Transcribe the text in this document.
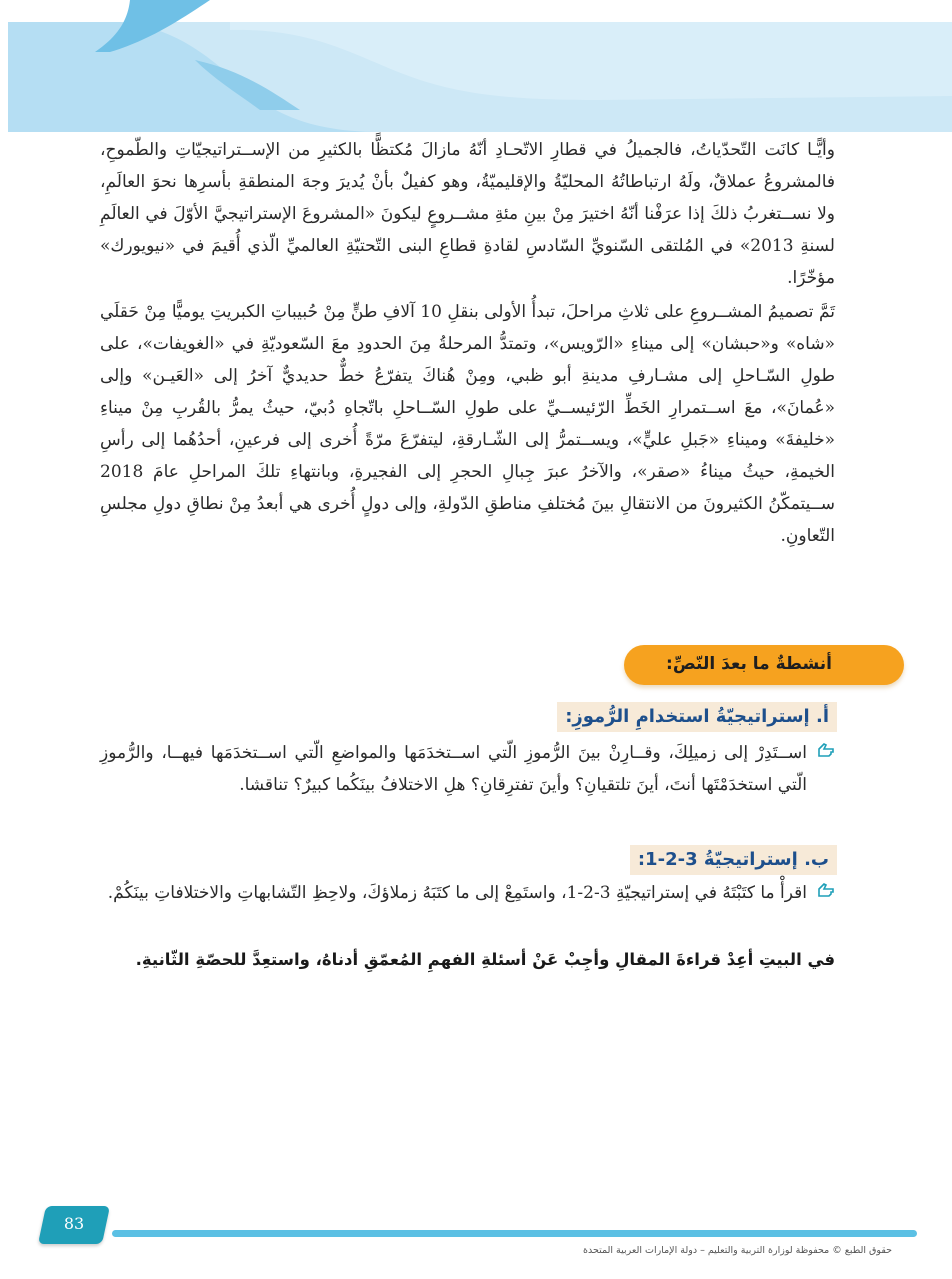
وأيًّـا كانَت التّحدّياتُ، فالجميلُ في قطارِ الاتّحـادِ أنّهُ مازالَ مُكتظًّا بالكثيرِ من الإســتراتيجيّاتِ والطّموحِ، فالمشروعُ عملاقٌ، ولَهُ ارتباطاتُهُ المحليّةُ والإقليميّةُ، وهو كفيلٌ بأنْ يُديرَ وجهَ المنطقةِ بأسرِها نحوَ العالَمِ، ولا نســتغربُ ذلكَ إذا عرَفْنا أنّهُ اختيرَ مِنْ بينِ مئةِ مشــروعٍ ليكونَ «المشروعَ الإستراتيجيَّ الأوّلَ في العالَمِ لسنةِ 2013» في المُلتقى السّنويِّ السّادسِ لقادةِ قطاعِ البنى التّحتيّةِ العالميِّ الّذي أُقيمَ في «نيويورك» مؤخّرًا.

تَمَّ تصميمُ المشــروعِ على ثلاثِ مراحلَ، تبدأُ الأولى بنقلِ 10 آلافِ طنٍّ مِنْ حُبيباتِ الكبريتِ يوميًّا مِنْ حَقلَي «شاه» و«حبشان» إلى ميناءِ «الرّويس»، وتمتدُّ المرحلةُ مِنَ الحدودِ معَ السّعوديّةِ في «الغويفات»، على طولِ السّـاحلِ إلى مشـارفِ مدينةِ أبو ظبي، ومِنْ هُناكَ يتفرّعُ خطٌّ حديديٌّ آخرُ إلى «العَيـن» وإلى «عُمانَ»، معَ اســتمرارِ الخَطِّ الرّئيســيِّ على طولِ السّــاحلِ باتّجاهِ دُبيّ، حيثُ يمرُّ بالقُربِ مِنْ ميناءِ «خليفةَ» وميناءِ «جَبلِ عليٍّ»، ويســتمرُّ إلى الشّـارقةِ، ليتفرّعَ مرّةً أُخرى إلى فرعينِ، أحدُهُما إلى رأسِ الخيمةِ، حيثُ ميناءُ «صقر»، والآخرُ عبرَ جِبالِ الحجرِ إلى الفجيرةِ، وبانتهاءِ تلكَ المراحلِ عامَ 2018 ســيتمكّنُ الكثيرونَ من الانتقالِ بينَ مُختلفِ مناطقِ الدّولةِ، وإلى دولٍ أُخرى هي أبعدُ مِنْ نطاقِ دولِ مجلسِ التّعاونِ.

أنشطةٌ ما بعدَ النّصِّ:
أ. إستراتيجيّةُ استخدامِ الرُّموزِ:

اســتَدِرْ إلى زميلِكَ، وقــارِنْ بينَ الرُّموزِ الّتي اســتخدَمَها والمواضعِ الّتي اســتخدَمَها فيهــا، والرُّموزِ الّتي استخدَمْتَها أنتَ، أينَ تلتقيانِ؟ وأينَ تفترِقانِ؟ هلِ الاختلافُ بينَكُما كبيرٌ؟ تناقشا.

ب. إستراتيجيّةُ 3-2-1:

اقرأْ ما كتَبْتَهُ في إستراتيجيّةِ 3-2-1، واستَمِعْ إلى ما كتَبَهُ زملاؤكَ، ولاحِظِ التّشابهاتِ والاختلافاتِ بينَكُمْ.

في البيتِ أعِدْ قراءةَ المقالِ وأجِبْ عَنْ أسئلةِ الفهمِ المُعمّقِ أدناهُ، واستعِدَّ للحصّةِ الثّانيةِ.
83
حقوق الطبع © محفوظة لوزارة التربية والتعليم – دولة الإمارات العربية المتحدة
